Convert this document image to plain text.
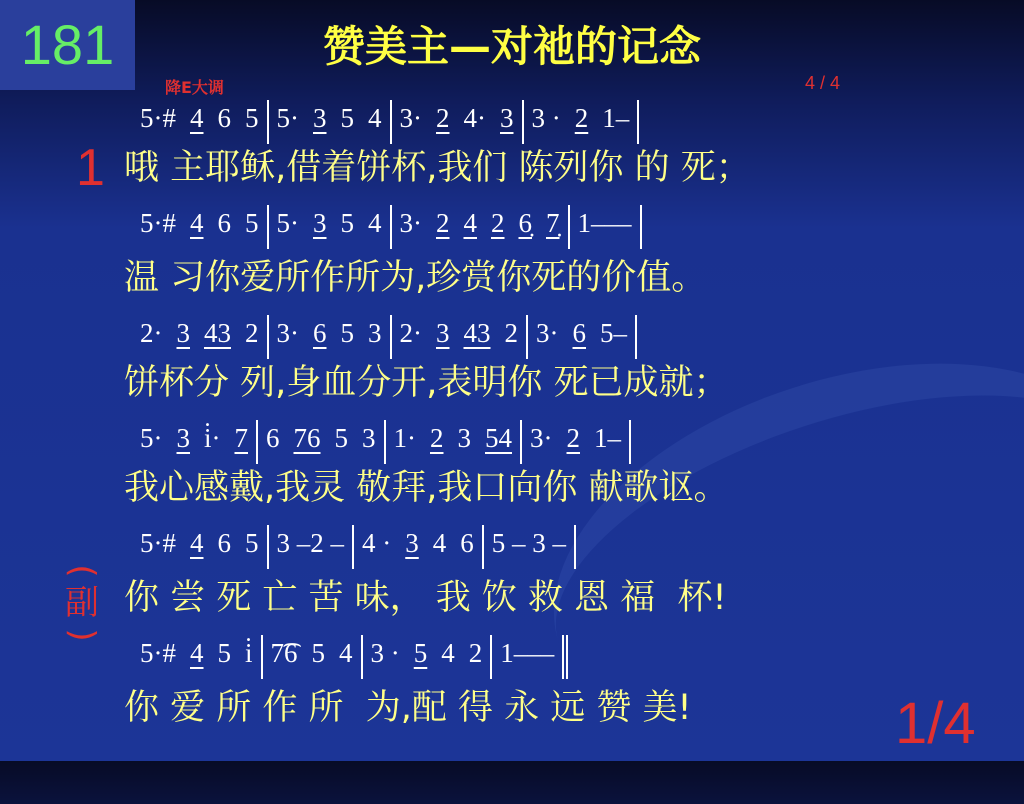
181	赞美主—对祂的记念
降E大调	4 / 4
1
(
副
)
1/4
5·# 4 6 5 5· 3 5 4 3· 2 4· 3 3 · 2 1–
哦 主耶稣,借着饼杯,我们 陈列你 的 死；
5·# 4 6 5 5· 3 5 4 3· 2 4 2 6̣ 7̣ 1–––
温 习你爱所作所为,珍赏你死的价值。
2· 3 43 2 3· 6 5 3 2· 3 43 2 3· 6 5–
饼杯分 列,身血分开,表明你 死已成就；
5· 3 i̇· 7 6 76 5 3 1· 2 3 54 3· 2 1–
我心感戴,我灵 敬拜,我口向你 献歌讴。
5·# 4 6 5 3 –2 – 4 · 3 4 6 5 – 3 –
你 尝 死 亡 苦 味， 我 饮 救 恩 福  杯!
5·# 4 5 i̇ 7͡6 5 4 3 · 5 4 2 1–––
你 爱 所 作 所  为,配 得 永 远 赞 美!
